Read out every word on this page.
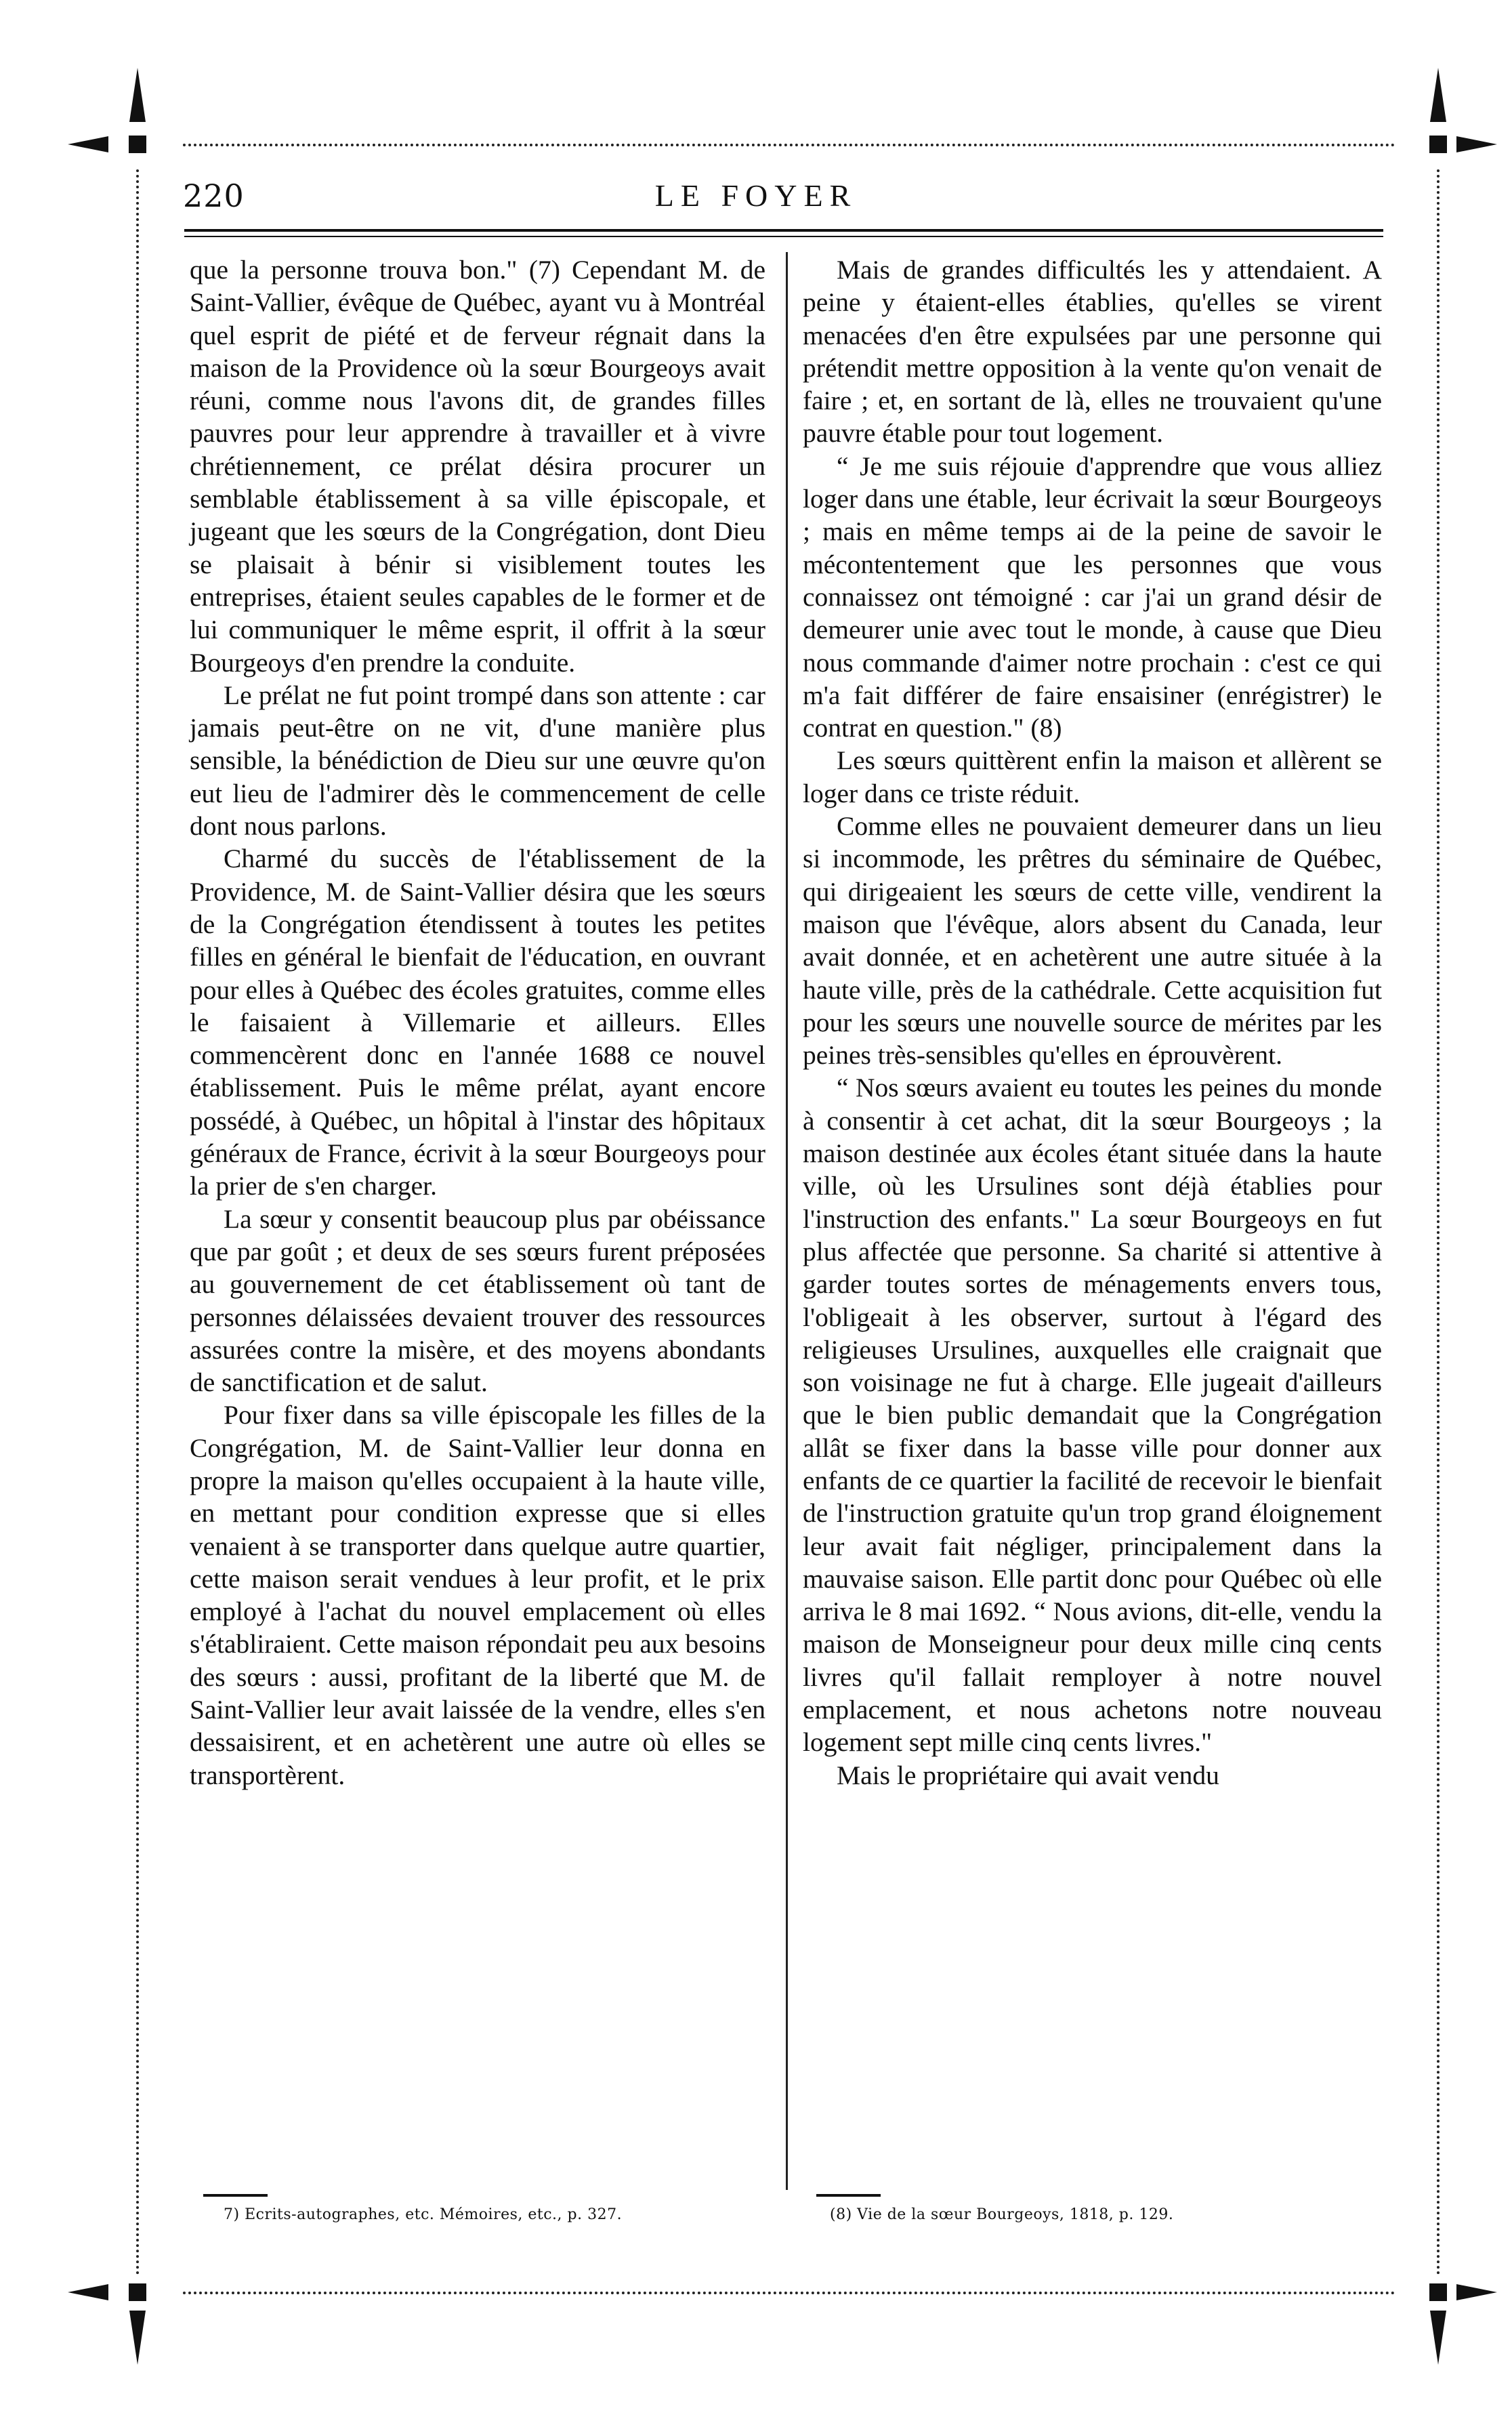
220	LE FOYER

que la personne trouva bon." (7) Cependant M. de Saint-Vallier, évêque de Québec, ayant vu à Montréal quel esprit de piété et de ferveur régnait dans la maison de la Providence où la sœur Bourgeoys avait réuni, comme nous l'avons dit, de grandes filles pauvres pour leur apprendre à travailler et à vivre chrétiennement, ce prélat désira procurer un semblable établissement à sa ville épiscopale, et jugeant que les sœurs de la Congrégation, dont Dieu se plaisait à bénir si visiblement toutes les entreprises, étaient seules capables de le former et de lui communiquer le même esprit, il offrit à la sœur Bourgeoys d'en prendre la conduite.

Le prélat ne fut point trompé dans son attente : car jamais peut-être on ne vit, d'une manière plus sensible, la bénédiction de Dieu sur une œuvre qu'on eut lieu de l'admirer dès le commencement de celle dont nous parlons.

Charmé du succès de l'établissement de la Providence, M. de Saint-Vallier désira que les sœurs de la Congrégation étendissent à toutes les petites filles en général le bienfait de l'éducation, en ouvrant pour elles à Québec des écoles gratuites, comme elles le faisaient à Villemarie et ailleurs. Elles commencèrent donc en l'année 1688 ce nouvel établissement. Puis le même prélat, ayant encore possédé, à Québec, un hôpital à l'instar des hôpitaux généraux de France, écrivit à la sœur Bourgeoys pour la prier de s'en charger.

La sœur y consentit beaucoup plus par obéissance que par goût ; et deux de ses sœurs furent préposées au gouvernement de cet établissement où tant de personnes délaissées devaient trouver des ressources assurées contre la misère, et des moyens abondants de sanctification et de salut.

Pour fixer dans sa ville épiscopale les filles de la Congrégation, M. de Saint-Vallier leur donna en propre la maison qu'elles occupaient à la haute ville, en mettant pour condition expresse que si elles venaient à se transporter dans quelque autre quartier, cette maison serait vendues à leur profit, et le prix employé à l'achat du nouvel emplacement où elles s'établiraient. Cette maison répondait peu aux besoins des sœurs : aussi, profitant de la liberté que M. de Saint-Vallier leur avait laissée de la vendre, elles s'en dessaisirent, et en achetèrent une autre où elles se transportèrent.

7) Ecrits-autographes, etc. Mémoires, etc., p. 327.

Mais de grandes difficultés les y attendaient. A peine y étaient-elles établies, qu'elles se virent menacées d'en être expulsées par une personne qui prétendit mettre opposition à la vente qu'on venait de faire ; et, en sortant de là, elles ne trouvaient qu'une pauvre étable pour tout logement.

“ Je me suis réjouie d'apprendre que vous alliez loger dans une étable, leur écrivait la sœur Bourgeoys ; mais en même temps ai de la peine de savoir le mécontentement que les personnes que vous connaissez ont témoigné : car j'ai un grand désir de demeurer unie avec tout le monde, à cause que Dieu nous commande d'aimer notre prochain : c'est ce qui m'a fait différer de faire ensaisiner (enrégistrer) le contrat en question." (8)

Les sœurs quittèrent enfin la maison et allèrent se loger dans ce triste réduit.

Comme elles ne pouvaient demeurer dans un lieu si incommode, les prêtres du séminaire de Québec, qui dirigeaient les sœurs de cette ville, vendirent la maison que l'évêque, alors absent du Canada, leur avait donnée, et en achetèrent une autre située à la haute ville, près de la cathédrale. Cette acquisition fut pour les sœurs une nouvelle source de mérites par les peines très-sensibles qu'elles en éprouvèrent.

“ Nos sœurs avaient eu toutes les peines du monde à consentir à cet achat, dit la sœur Bourgeoys ; la maison destinée aux écoles étant située dans la haute ville, où les Ursulines sont déjà établies pour l'instruction des enfants." La sœur Bourgeoys en fut plus affectée que personne. Sa charité si attentive à garder toutes sortes de ménagements envers tous, l'obligeait à les observer, surtout à l'égard des religieuses Ursulines, auxquelles elle craignait que son voisinage ne fut à charge. Elle jugeait d'ailleurs que le bien public demandait que la Congrégation allât se fixer dans la basse ville pour donner aux enfants de ce quartier la facilité de recevoir le bienfait de l'instruction gratuite qu'un trop grand éloignement leur avait fait négliger, principalement dans la mauvaise saison. Elle partit donc pour Québec où elle arriva le 8 mai 1692. “ Nous avions, dit-elle, vendu la maison de Monseigneur pour deux mille cinq cents livres qu'il fallait remployer à notre nouvel emplacement, et nous achetons notre nouveau logement sept mille cinq cents livres."

Mais le propriétaire qui avait vendu

(8) Vie de la sœur Bourgeoys, 1818, p. 129.
